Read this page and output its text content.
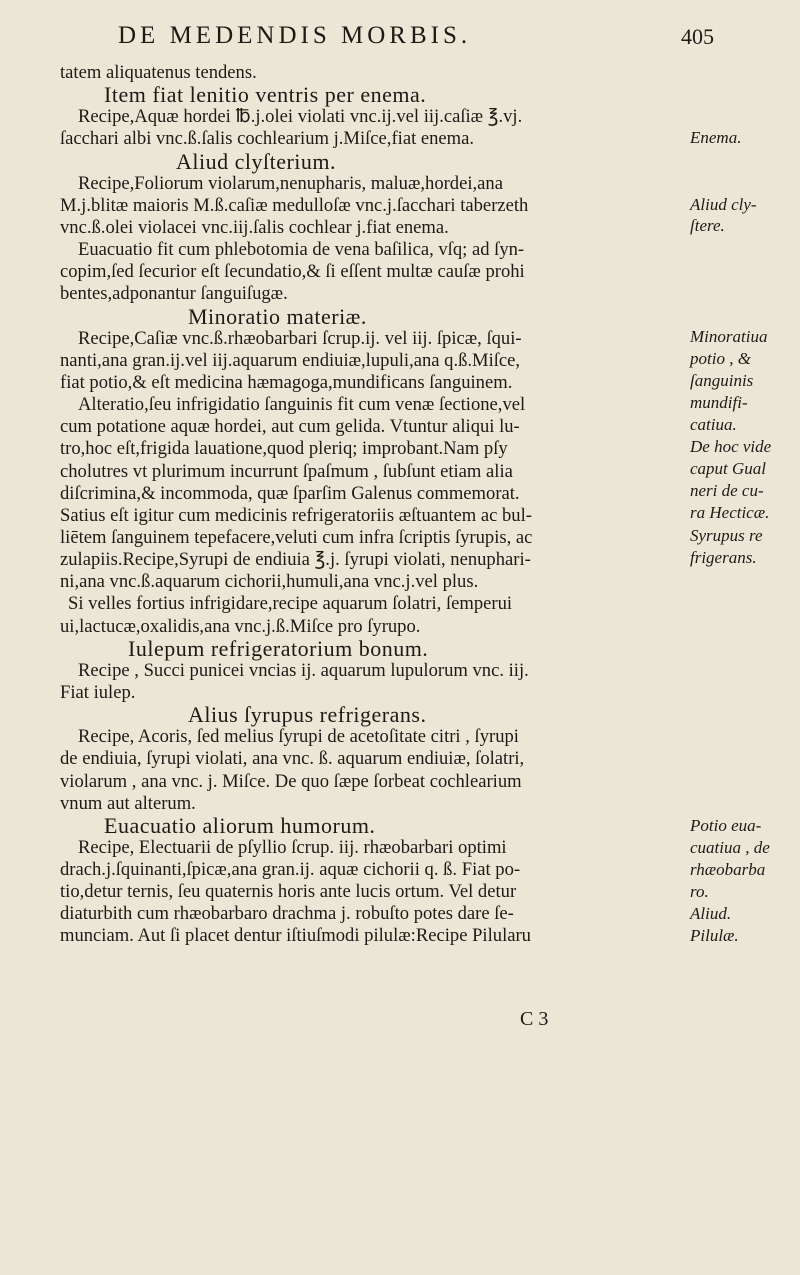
DE MEDENDIS MORBIS.	405
tatem aliquatenus tendens.
Item fiat lenitio ventris per enema.
Recipe,Aquæ hordei ℔.j.olei violati vnc.ij.vel iij.caſiæ ℥.vj.
ſacchari albi vnc.ß.ſalis cochlearium j.Miſce,fiat enema.
Aliud clyſterium.
Recipe,Foliorum violarum,nenupharis, maluæ,hordei,ana
M.j.blitæ maioris M.ß.caſiæ medulloſæ vnc.j.ſacchari taberzeth
vnc.ß.olei violacei vnc.iij.ſalis cochlear j.fiat enema.
Euacuatio fit cum phlebotomia de vena baſilica, vſq; ad ſyn-
copim,ſed ſecurior eſt ſecundatio,& ſi eſſent multæ cauſæ prohi
bentes,adponantur ſanguiſugæ.
Minoratio materiæ.
Recipe,Caſiæ vnc.ß.rhæobarbari ſcrup.ij. vel iij. ſpicæ, ſqui-
nanti,ana gran.ij.vel iij.aquarum endiuiæ,lupuli,ana q.ß.Miſce,
fiat potio,& eſt medicina hæmagoga,mundificans ſanguinem.
Alteratio,ſeu infrigidatio ſanguinis fit cum venæ ſectione,vel
cum potatione aquæ hordei, aut cum gelida. Vtuntur aliqui lu-
tro,hoc eſt,frigida lauatione,quod pleriq; improbant.Nam pſy
cholutres vt plurimum incurrunt ſpaſmum , ſubſunt etiam alia
diſcrimina,& incommoda, quæ ſparſim Galenus commemorat.
Satius eſt igitur cum medicinis refrigeratoriis æſtuantem ac bul-
liētem ſanguinem tepefacere,veluti cum infra ſcriptis ſyrupis, ac
zulapiis.Recipe,Syrupi de endiuia ℥.j. ſyrupi violati, nenuphari-
ni,ana vnc.ß.aquarum cichorii,humuli,ana vnc.j.vel plus.
Si velles fortius infrigidare,recipe aquarum ſolatri, ſemperui
ui,lactucæ,oxalidis,ana vnc.j.ß.Miſce pro ſyrupo.
Iulepum refrigeratorium bonum.
Recipe , Succi punicei vncias ij. aquarum lupulorum vnc. iij.
Fiat iulep.
Alius ſyrupus refrigerans.
Recipe, Acoris, ſed melius ſyrupi de acetoſitate citri , ſyrupi
de endiuia, ſyrupi violati, ana vnc. ß. aquarum endiuiæ, ſolatri,
violarum , ana vnc. j. Miſce. De quo ſæpe ſorbeat cochlearium
vnum aut alterum.
Euacuatio aliorum humorum.
Recipe, Electuarii de pſyllio ſcrup. iij. rhæobarbari optimi
drach.j.ſquinanti,ſpicæ,ana gran.ij. aquæ cichorii q. ß. Fiat po-
tio,detur ternis, ſeu quaternis horis ante lucis ortum. Vel detur
diaturbith cum rhæobarbaro drachma j. robuſto potes dare ſe-
munciam. Aut ſi placet dentur iſtiuſmodi pilulæ:Recipe Pilularu
Enema.
Aliud cly-
ſtere.
Minoratiua
potio , &
ſanguinis
mundifi-
catiua.
De hoc vide
caput Gual
neri de cu-
ra Hecticæ.
Syrupus re
frigerans.
Potio eua-
cuatiua , de
rhæobarba
ro.
Aliud.
Pilulæ.
C 3
